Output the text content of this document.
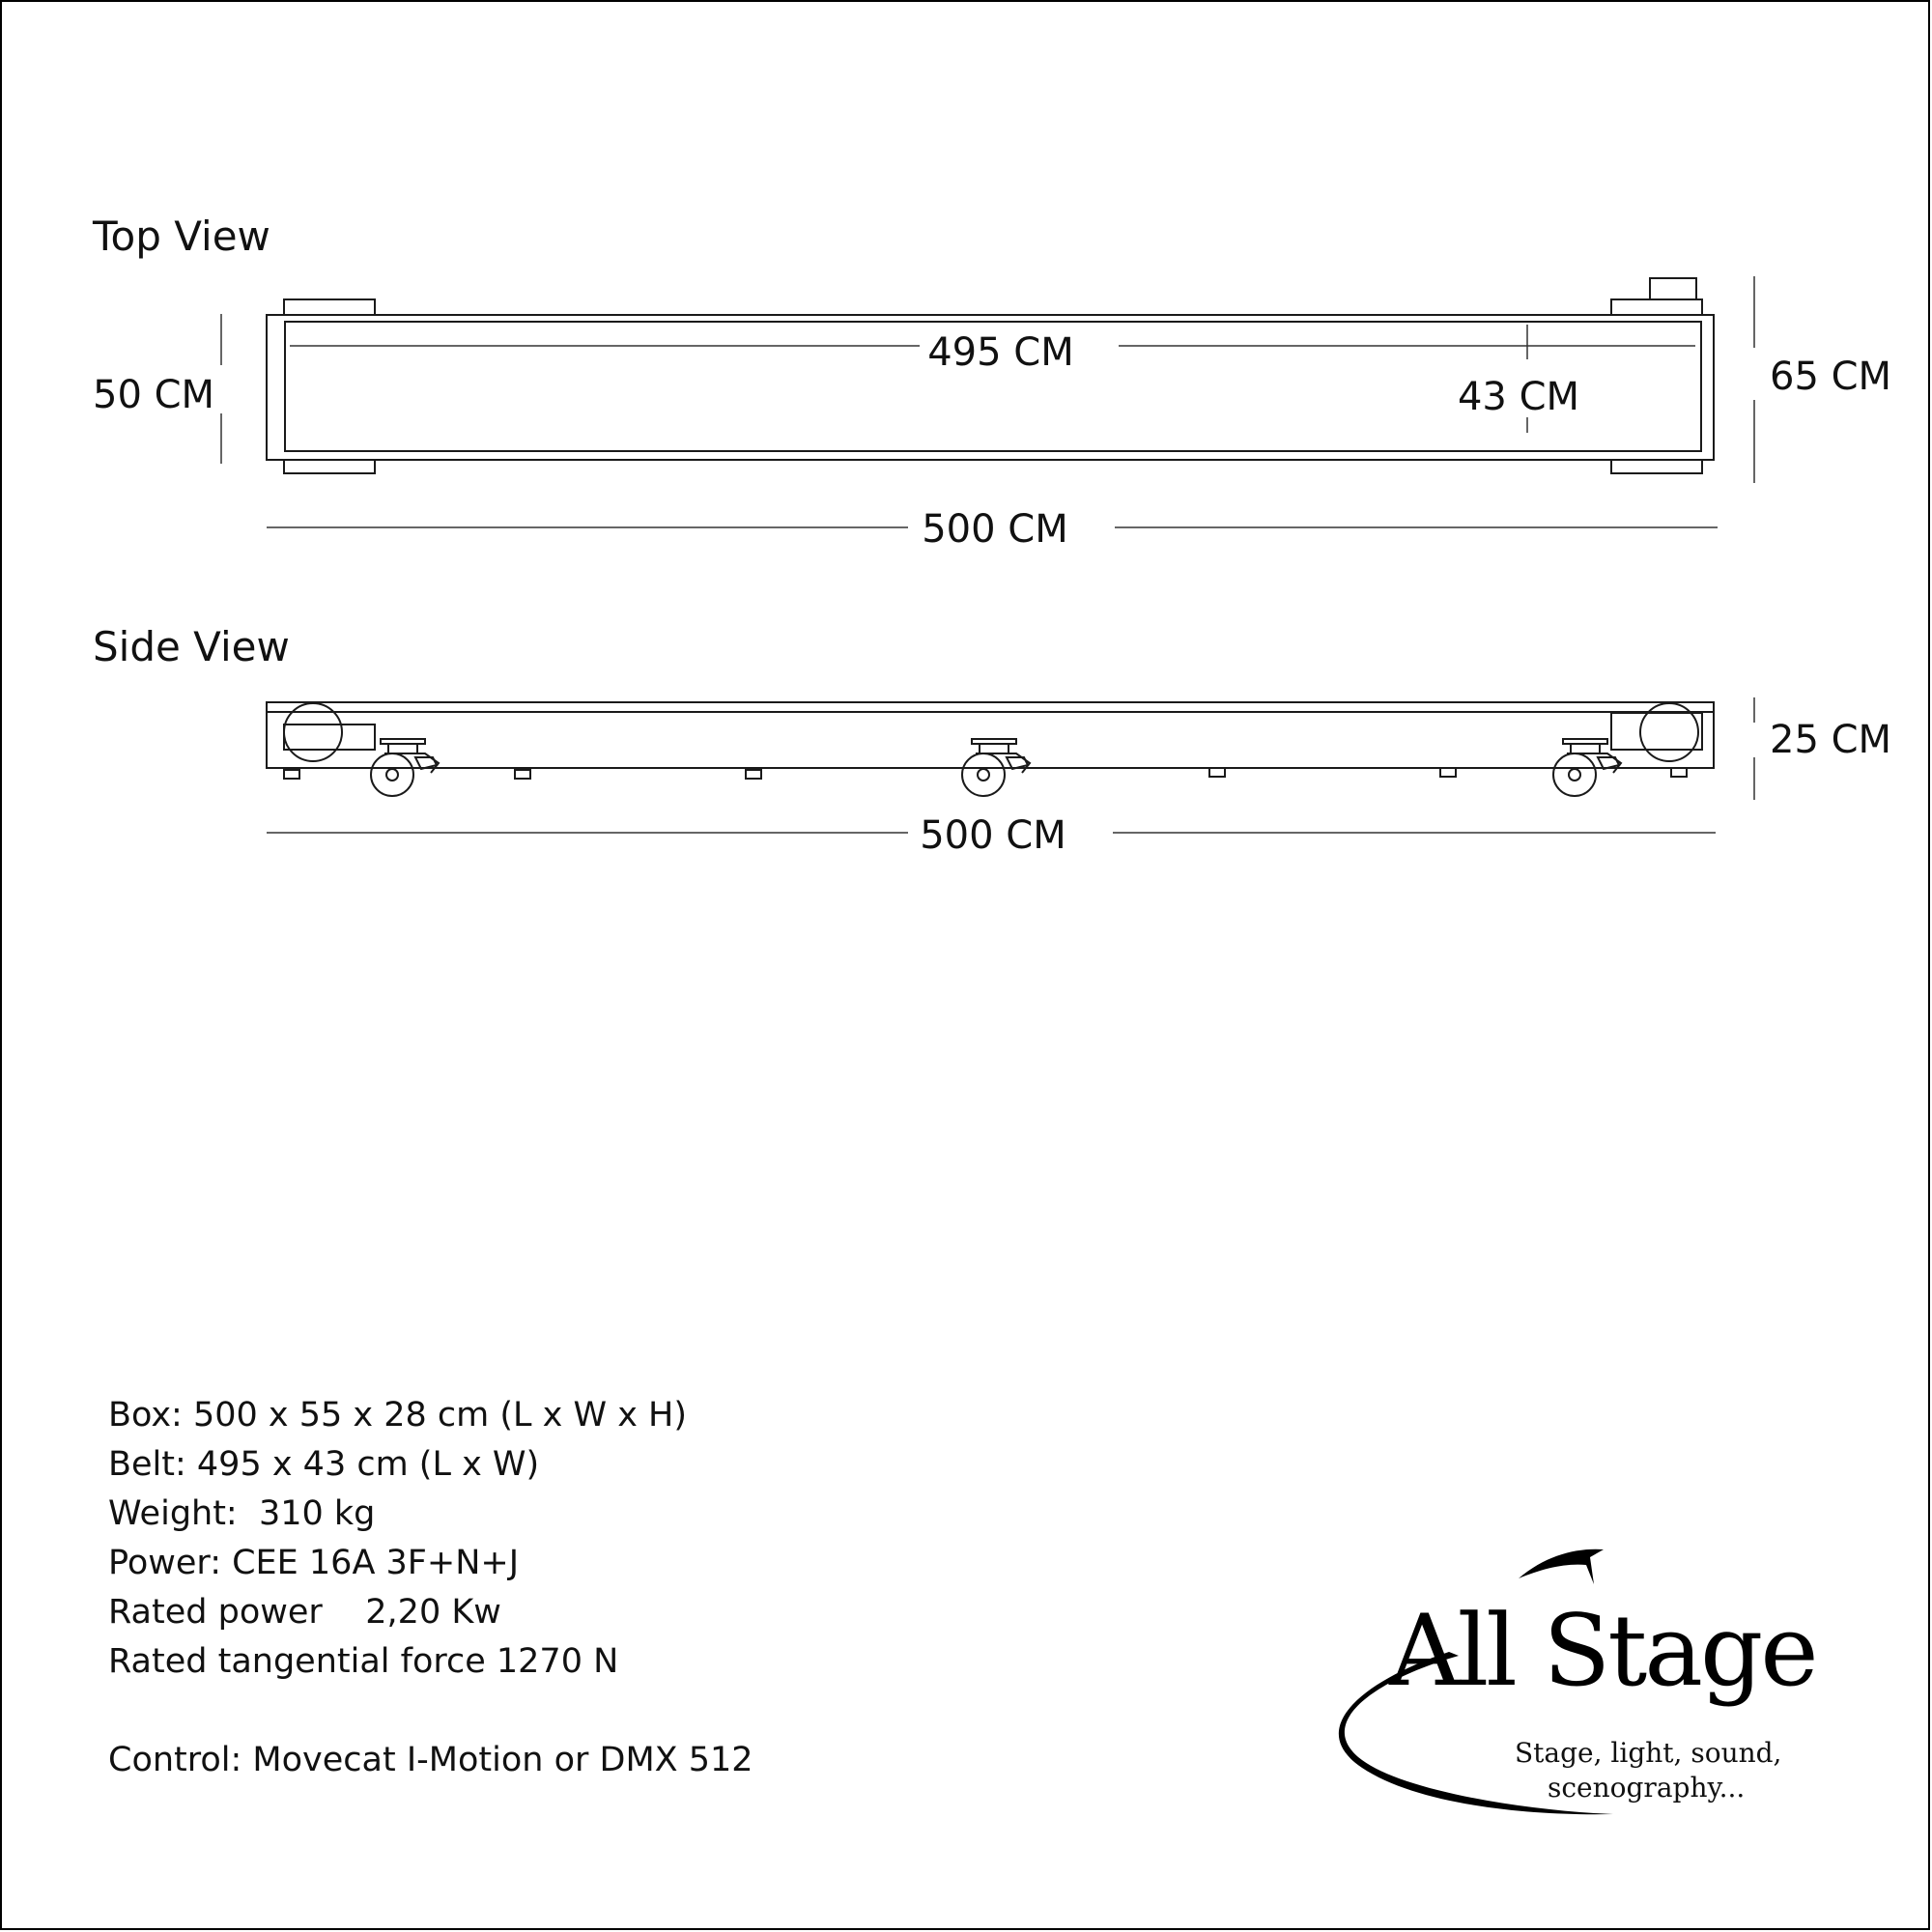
Top View
495 CM
43 CM
50 CM	65 CM
500 CM
Side View
25 CM
500 CM
Box: 500 x 55 x 28 cm (L x W x H)
Belt: 495 x 43 cm (L x W)
Weight:  310 kg
Power: CEE 16A 3F+N+J
Rated power    2,20 Kw
Rated tangential force 1270 N
Control: Movecat I-Motion or DMX 512
All Stage
Stage, light, sound,
scenography...
